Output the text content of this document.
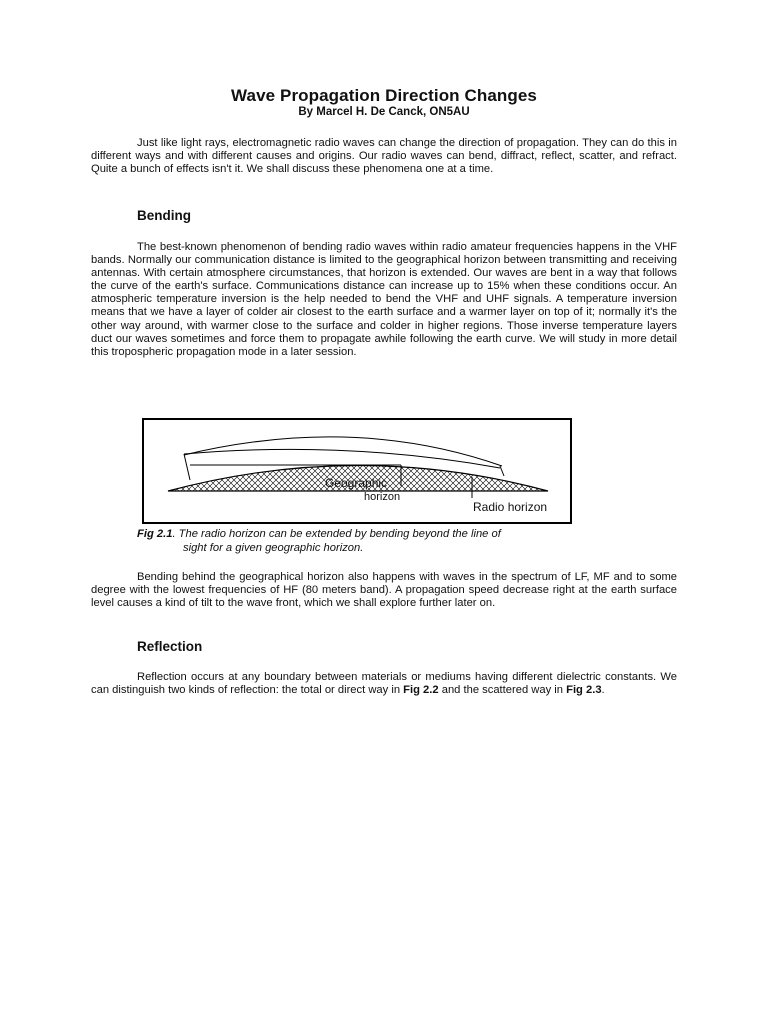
Wave Propagation Direction Changes
By Marcel H. De Canck, ON5AU

Just like light rays, electromagnetic radio waves can change the direction of propagation. They can do this in different ways and with different causes and origins. Our radio waves can bend, diffract, reflect, scatter, and refract. Quite a bunch of effects isn't it. We shall discuss these phenomena one at a time.

Bending

The best-known phenomenon of bending radio waves within radio amateur frequencies happens in the VHF bands. Normally our communication distance is limited to the geographical horizon between transmitting and receiving antennas. With certain atmosphere circumstances, that horizon is extended. Our waves are bent in a way that follows the curve of the earth's surface. Communications distance can increase up to 15% when these conditions occur. An atmospheric temperature inversion is the help needed to bend the VHF and UHF signals. A temperature inversion means that we have a layer of colder air closest to the earth surface and a warmer layer on top of it; normally it's the other way around, with warmer close to the surface and colder in higher regions. Those inverse temperature layers duct our waves sometimes and force them to propagate awhile following the earth curve. We will study in more detail this tropospheric propagation mode in a later session.

Geographic
horizon
Radio horizon
Fig 2.1. The radio horizon can be extended by bending beyond the line of
sight for a given geographic horizon.

Bending behind the geographical horizon also happens with waves in the spectrum of LF, MF and to some degree with the lowest frequencies of HF (80 meters band). A propagation speed decrease right at the earth surface level causes a kind of tilt to the wave front, which we shall explore further later on.

Reflection

Reflection occurs at any boundary between materials or mediums having different dielectric constants. We can distinguish two kinds of reflection: the total or direct way in Fig 2.2 and the scattered way in Fig 2.3.
